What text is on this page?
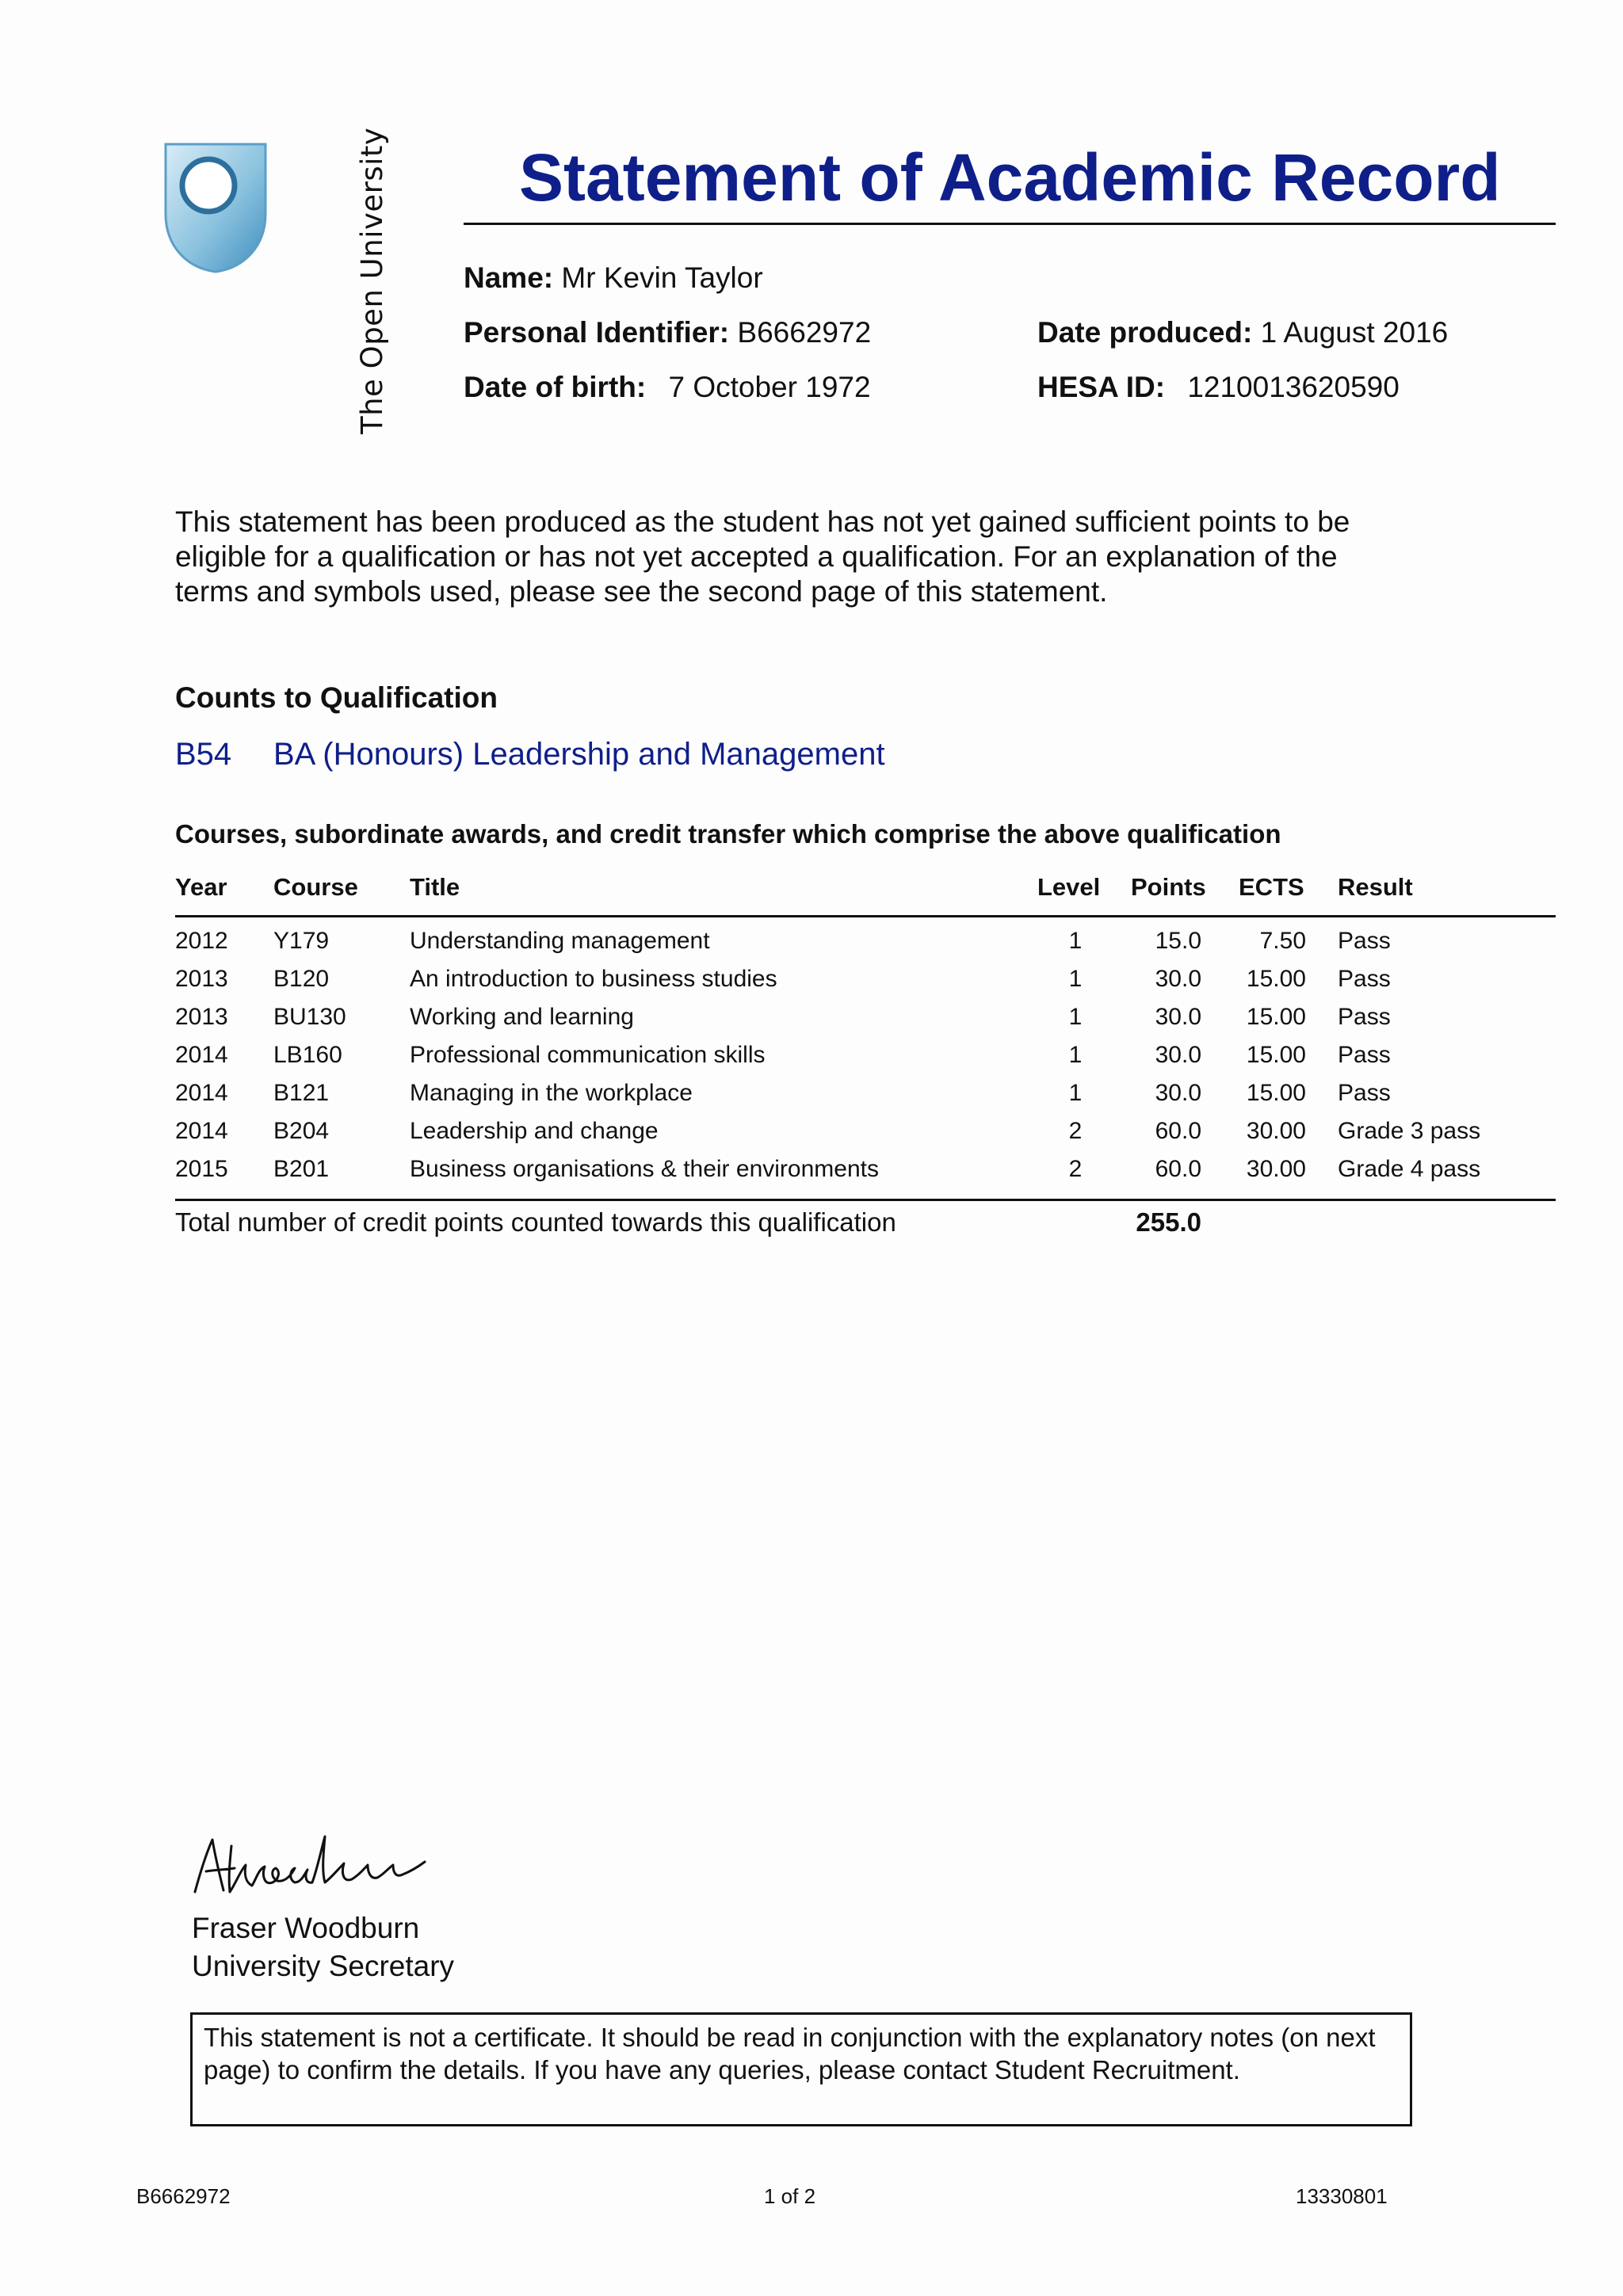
The Open University Statement of Academic Record
Name: Mr Kevin Taylor
Personal Identifier: B6662972
Date of birth: 7 October 1972
Date produced: 1 August 2016
HESA ID: 1210013620590
This statement has been produced as the student has not yet gained sufficient points to be eligible for a qualification or has not yet accepted a qualification. For an explanation of the terms and symbols used, please see the second page of this statement.
Counts to Qualification
B54 BA (Honours) Leadership and Management
Courses, subordinate awards, and credit transfer which comprise the above qualification
Year Course Title	Level Points ECTS Result
2012 Y179	Understanding management	1	15.0	7.50 Pass
2013 B120	An introduction to business studies	1	30.0	15.00 Pass
2013 BU130	Working and learning	1	30.0	15.00 Pass
2014 LB160	Professional communication skills	1	30.0	15.00 Pass
2014 B121	Managing in the workplace	1	30.0	15.00 Pass
2014 B204	Leadership and change	2	60.0	30.00 Grade 3 pass
2015 B201	Business organisations & their environments	2	60.0	30.00 Grade 4 pass
Total number of credit points counted towards this qualification	255.0
Fraser Woodburn
University Secretary
This statement is not a certificate. It should be read in conjunction with the explanatory notes (on next page) to confirm the details. If you have any queries, please contact Student Recruitment.
B6662972	1 of 2	13330801
